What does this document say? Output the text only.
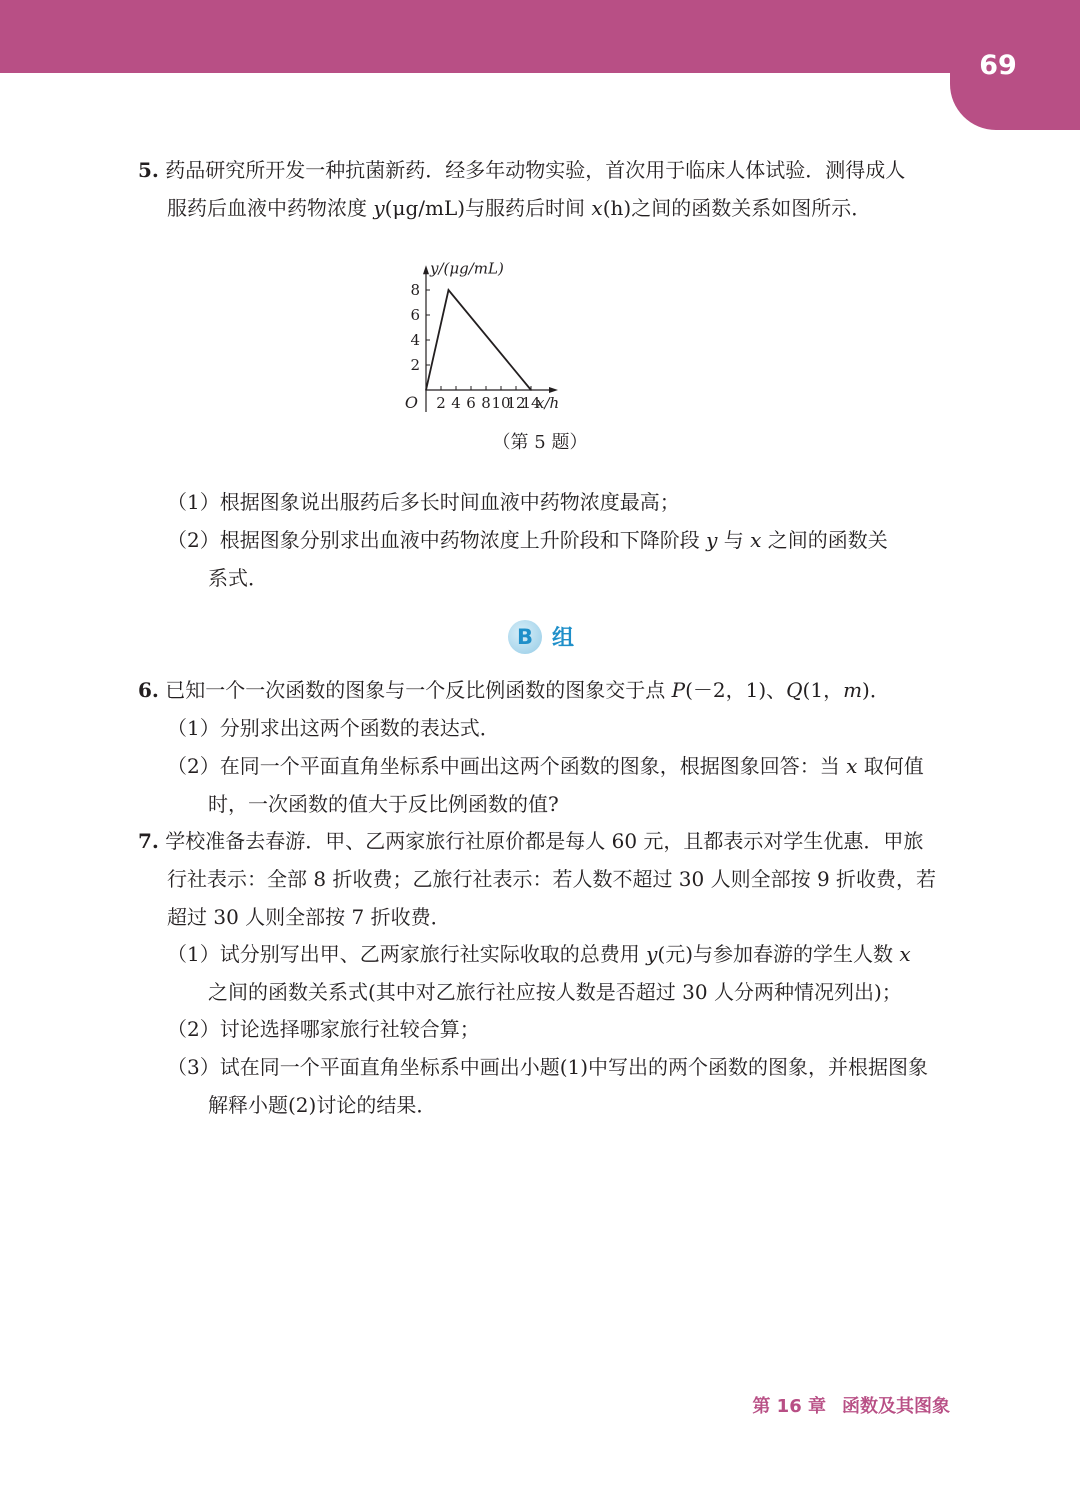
69
5. 药品研究所开发一种抗菌新药．经多年动物实验，首次用于临床人体试验．测得成人
服药后血液中药物浓度 y(μg/mL)与服药后时间 x(h)之间的函数关系如图所示．
2 4 6 8 10
12
14
2
4
6
8
O	x/h
y/(μg/mL)
（第 5 题）
（1）根据图象说出服药后多长时间血液中药物浓度最高；
（2）根据图象分别求出血液中药物浓度上升阶段和下降阶段 y 与 x 之间的函数关
系式．
B 组
6. 已知一个一次函数的图象与一个反比例函数的图象交于点 P(－2，1)、Q(1，m)．
（1）分别求出这两个函数的表达式．
（2）在同一个平面直角坐标系中画出这两个函数的图象，根据图象回答：当 x 取何值
时，一次函数的值大于反比例函数的值?
7. 学校准备去春游．甲、乙两家旅行社原价都是每人 60 元，且都表示对学生优惠．甲旅
行社表示：全部 8 折收费；乙旅行社表示：若人数不超过 30 人则全部按 9 折收费，若
超过 30 人则全部按 7 折收费．
（1）试分别写出甲、乙两家旅行社实际收取的总费用 y(元)与参加春游的学生人数 x
之间的函数关系式(其中对乙旅行社应按人数是否超过 30 人分两种情况列出)；
（2）讨论选择哪家旅行社较合算；
（3）试在同一个平面直角坐标系中画出小题(1)中写出的两个函数的图象，并根据图象
解释小题(2)讨论的结果．
第 16 章 函数及其图象
